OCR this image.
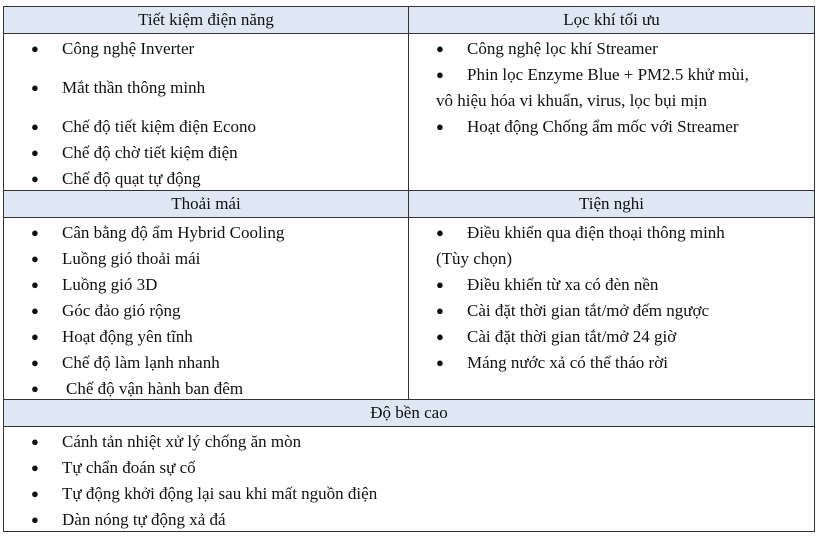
Tiết kiệm điện năng	Lọc khí tối ưu
● Công nghệ Inverter
● Mắt thần thông minh
● Chế độ tiết kiệm điện Econo
● Chế độ chờ tiết kiệm điện
● Chế độ quạt tự động
● Công nghệ lọc khí Streamer
● Phin lọc Enzyme Blue + PM2.5 khử mùi,
vô hiệu hóa vi khuẩn, virus, lọc bụi mịn
● Hoạt động Chống ẩm mốc với Streamer
Thoải mái	Tiện nghi
● Cân bằng độ ẩm Hybrid Cooling
● Luồng gió thoải mái
● Luồng gió 3D
● Góc đảo gió rộng
● Hoạt động yên tĩnh
● Chế độ làm lạnh nhanh
● Chế độ vận hành ban đêm
● Điều khiển qua điện thoại thông minh
(Tùy chọn)
● Điều khiển từ xa có đèn nền
● Cài đặt thời gian tắt/mở đếm ngược
● Cài đặt thời gian tắt/mở 24 giờ
● Máng nước xả có thể tháo rời
Độ bền cao
● Cánh tản nhiệt xử lý chống ăn mòn
● Tự chẩn đoán sự cố
● Tự động khởi động lại sau khi mất nguồn điện
● Dàn nóng tự động xả đá
